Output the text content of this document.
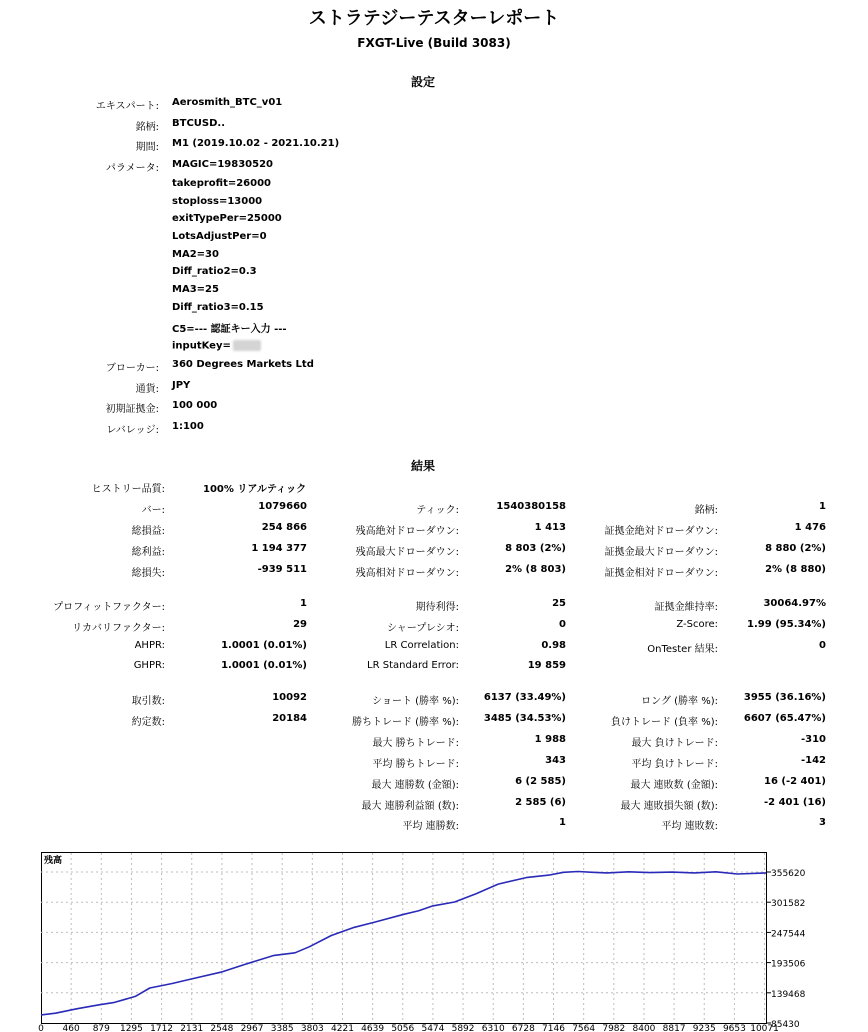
ストラテジーテスターレポート
FXGT-Live (Build 3083)
設定
エキスパート: Aerosmith_BTC_v01
銘柄: BTCUSD..
期間: M1 (2019.10.02 - 2021.10.21)
パラメータ: MAGIC=19830520
takeprofit=26000
stoploss=13000
exitTypePer=25000
LotsAdjustPer=0
MA2=30
Diff_ratio2=0.3
MA3=25
Diff_ratio3=0.15
C5=--- 認証キー入力 ---
inputKey=
ブローカー: 360 Degrees Markets Ltd
通貨: JPY
初期証拠金: 100 000
レバレッジ: 1:100
結果
ヒストリー品質:	100% リアルティック
バー:	1079660	ティック:	1540380158	銘柄:	1
総損益:	254 866	残高絶対ドローダウン:	1 413	証拠金絶対ドローダウン:	1 476
総利益:	1 194 377	残高最大ドローダウン:	8 803 (2%)	証拠金最大ドローダウン:	8 880 (2%)
総損失:	-939 511	残高相対ドローダウン:	2% (8 803)	証拠金相対ドローダウン:	2% (8 880)
プロフィットファクター:	1	期待利得:	25	証拠金維持率:	30064.97%
リカバリファクター:	29	シャープレシオ:	0	Z-Score:	1.99 (95.34%)
AHPR:	1.0001 (0.01%)	LR Correlation:	0.98	OnTester 結果:	0
GHPR:	1.0001 (0.01%)	LR Standard Error:	19 859
取引数:	10092	ショート (勝率 %): 6137 (33.49%)	ロング (勝率 %):	3955 (36.16%)
約定数:	20184	勝ちトレード (勝率 %): 3485 (34.53%)	負けトレード (負率 %):	6607 (65.47%)
最大 勝ちトレード:	1 988	最大 負けトレード:	-310
平均 勝ちトレード:	343	平均 負けトレード:	-142
最大 連勝数 (金額):	6 (2 585)	最大 連敗数 (金額):	16 (-2 401)
最大 連勝利益額 (数):	2 585 (6)	最大 連敗損失額 (数):	-2 401 (16)
平均 連勝数:	1	平均 連敗数:	3
355620
301582
247544
193506
139468
85430
0 460 879 1295 1712 2131 2548 2967 3385 3803 4221 4639 5056 5474 5892 6310 6728 7146 7564 7982 8400 8817 9235 9653 10071
残高
